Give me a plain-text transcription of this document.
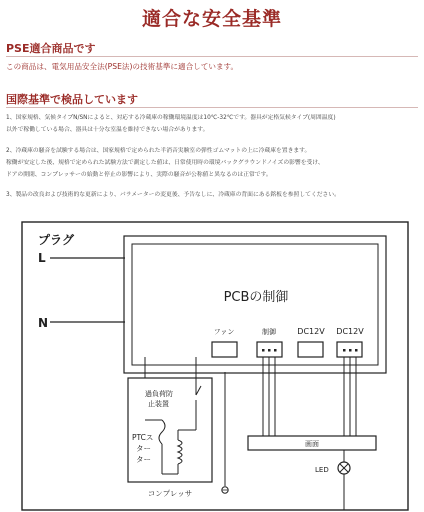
適合な安全基準
PSE適合商品です
この商品は、電気用品安全法(PSE法)の技術基準に適合しています。
国際基準で検品しています
1、国家規格、気候タイプN/SNによると、対応する冷蔵庫の稼働環境温度は10℃-32℃です。器具が定格気候タイプ(周囲温度)
以外で稼働している場合、器具は十分な室温を維持できない場合があります。
2、冷蔵庫の騒音を試験する場合は、国家規格で定められた半消音実験室の弾性ゴムマットの上に冷蔵庫を置きます。
稼働が安定した後、規格で定められた試験方法で測定した値は、日常使用時の環境バックグラウンドノイズの影響を受け、
ドアの開閉、コンプレッサーの始動と停止の影響により、実際の騒音が公称値と異なるのは正常です。
3、製品の改良および技術的な更新により、パラメーターの変更後、予告なしに、冷蔵庫の背面にある銘板を参照してください。
プラグ
L
N
PCBの制御
ファン	制御	DC12V DC12V
画面
LED
過負荷防
止装置
PTCス
ター
ター
コンプレッサ
